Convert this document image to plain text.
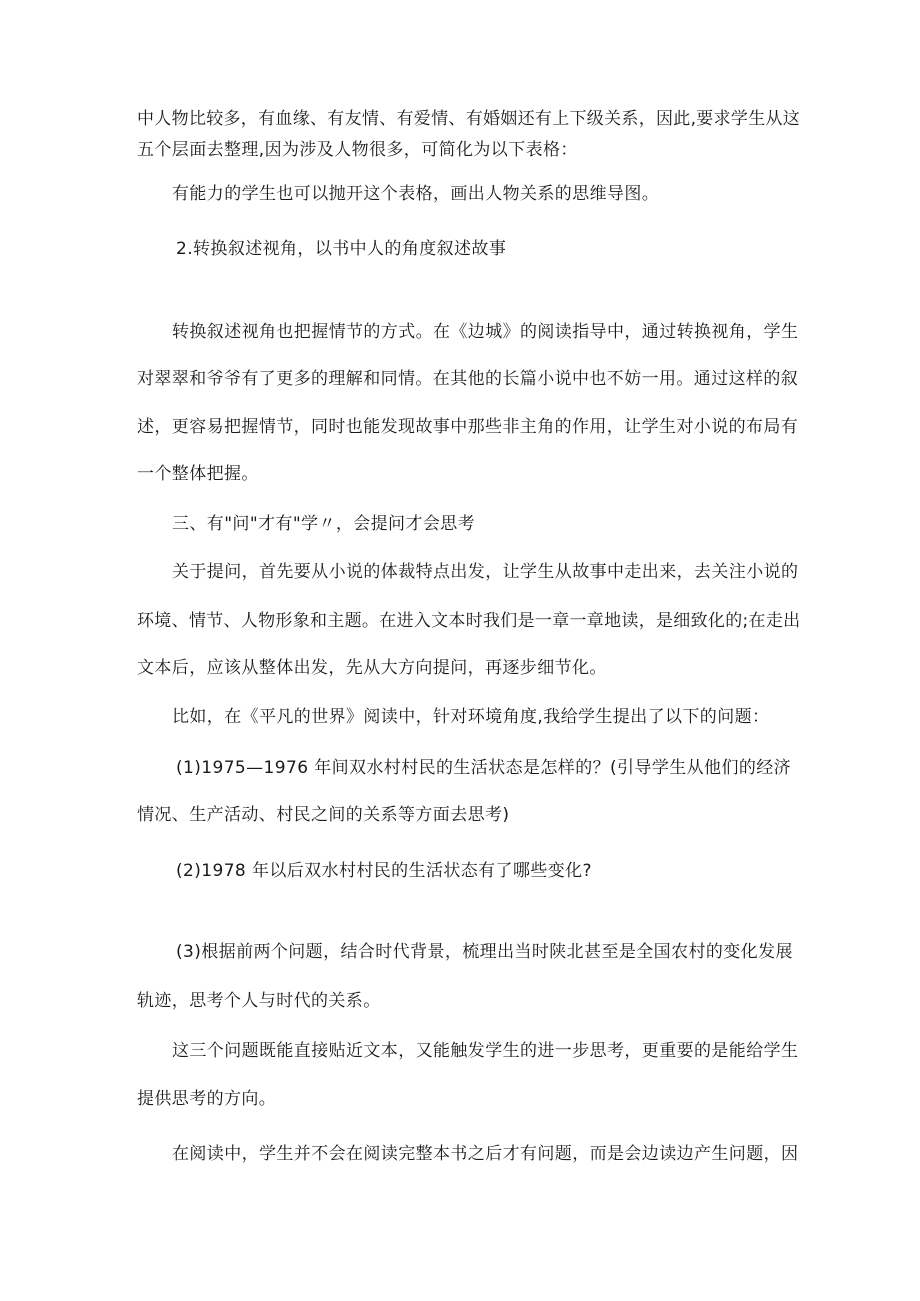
中人物比较多，有血缘、有友情、有爱情、有婚姻还有上下级关系，因此,要求学生从这
五个层面去整理,因为涉及人物很多，可简化为以下表格：
有能力的学生也可以抛开这个表格，画出人物关系的思维导图。
2.转换叙述视角，以书中人的角度叙述故事
转换叙述视角也把握情节的方式。在《边城》的阅读指导中，通过转换视角，学生
对翠翠和爷爷有了更多的理解和同情。在其他的长篇小说中也不妨一用。通过这样的叙
述，更容易把握情节，同时也能发现故事中那些非主角的作用，让学生对小说的布局有
一个整体把握。
三、有"问"才有"学〃，会提问才会思考
关于提问，首先要从小说的体裁特点出发，让学生从故事中走出来，去关注小说的
环境、情节、人物形象和主题。在进入文本时我们是一章一章地读，是细致化的;在走出
文本后，应该从整体出发，先从大方向提问，再逐步细节化。
比如，在《平凡的世界》阅读中，针对环境角度,我给学生提出了以下的问题：
(1)1975—1976 年间双水村村民的生活状态是怎样的？(引导学生从他们的经济
情况、生产活动、村民之间的关系等方面去思考)
(2)1978 年以后双水村村民的生活状态有了哪些变化?
(3)根据前两个问题，结合时代背景，梳理出当时陕北甚至是全国农村的变化发展
轨迹，思考个人与时代的关系。
这三个问题既能直接贴近文本，又能触发学生的进一步思考，更重要的是能给学生
提供思考的方向。
在阅读中，学生并不会在阅读完整本书之后才有问题，而是会边读边产生问题，因
